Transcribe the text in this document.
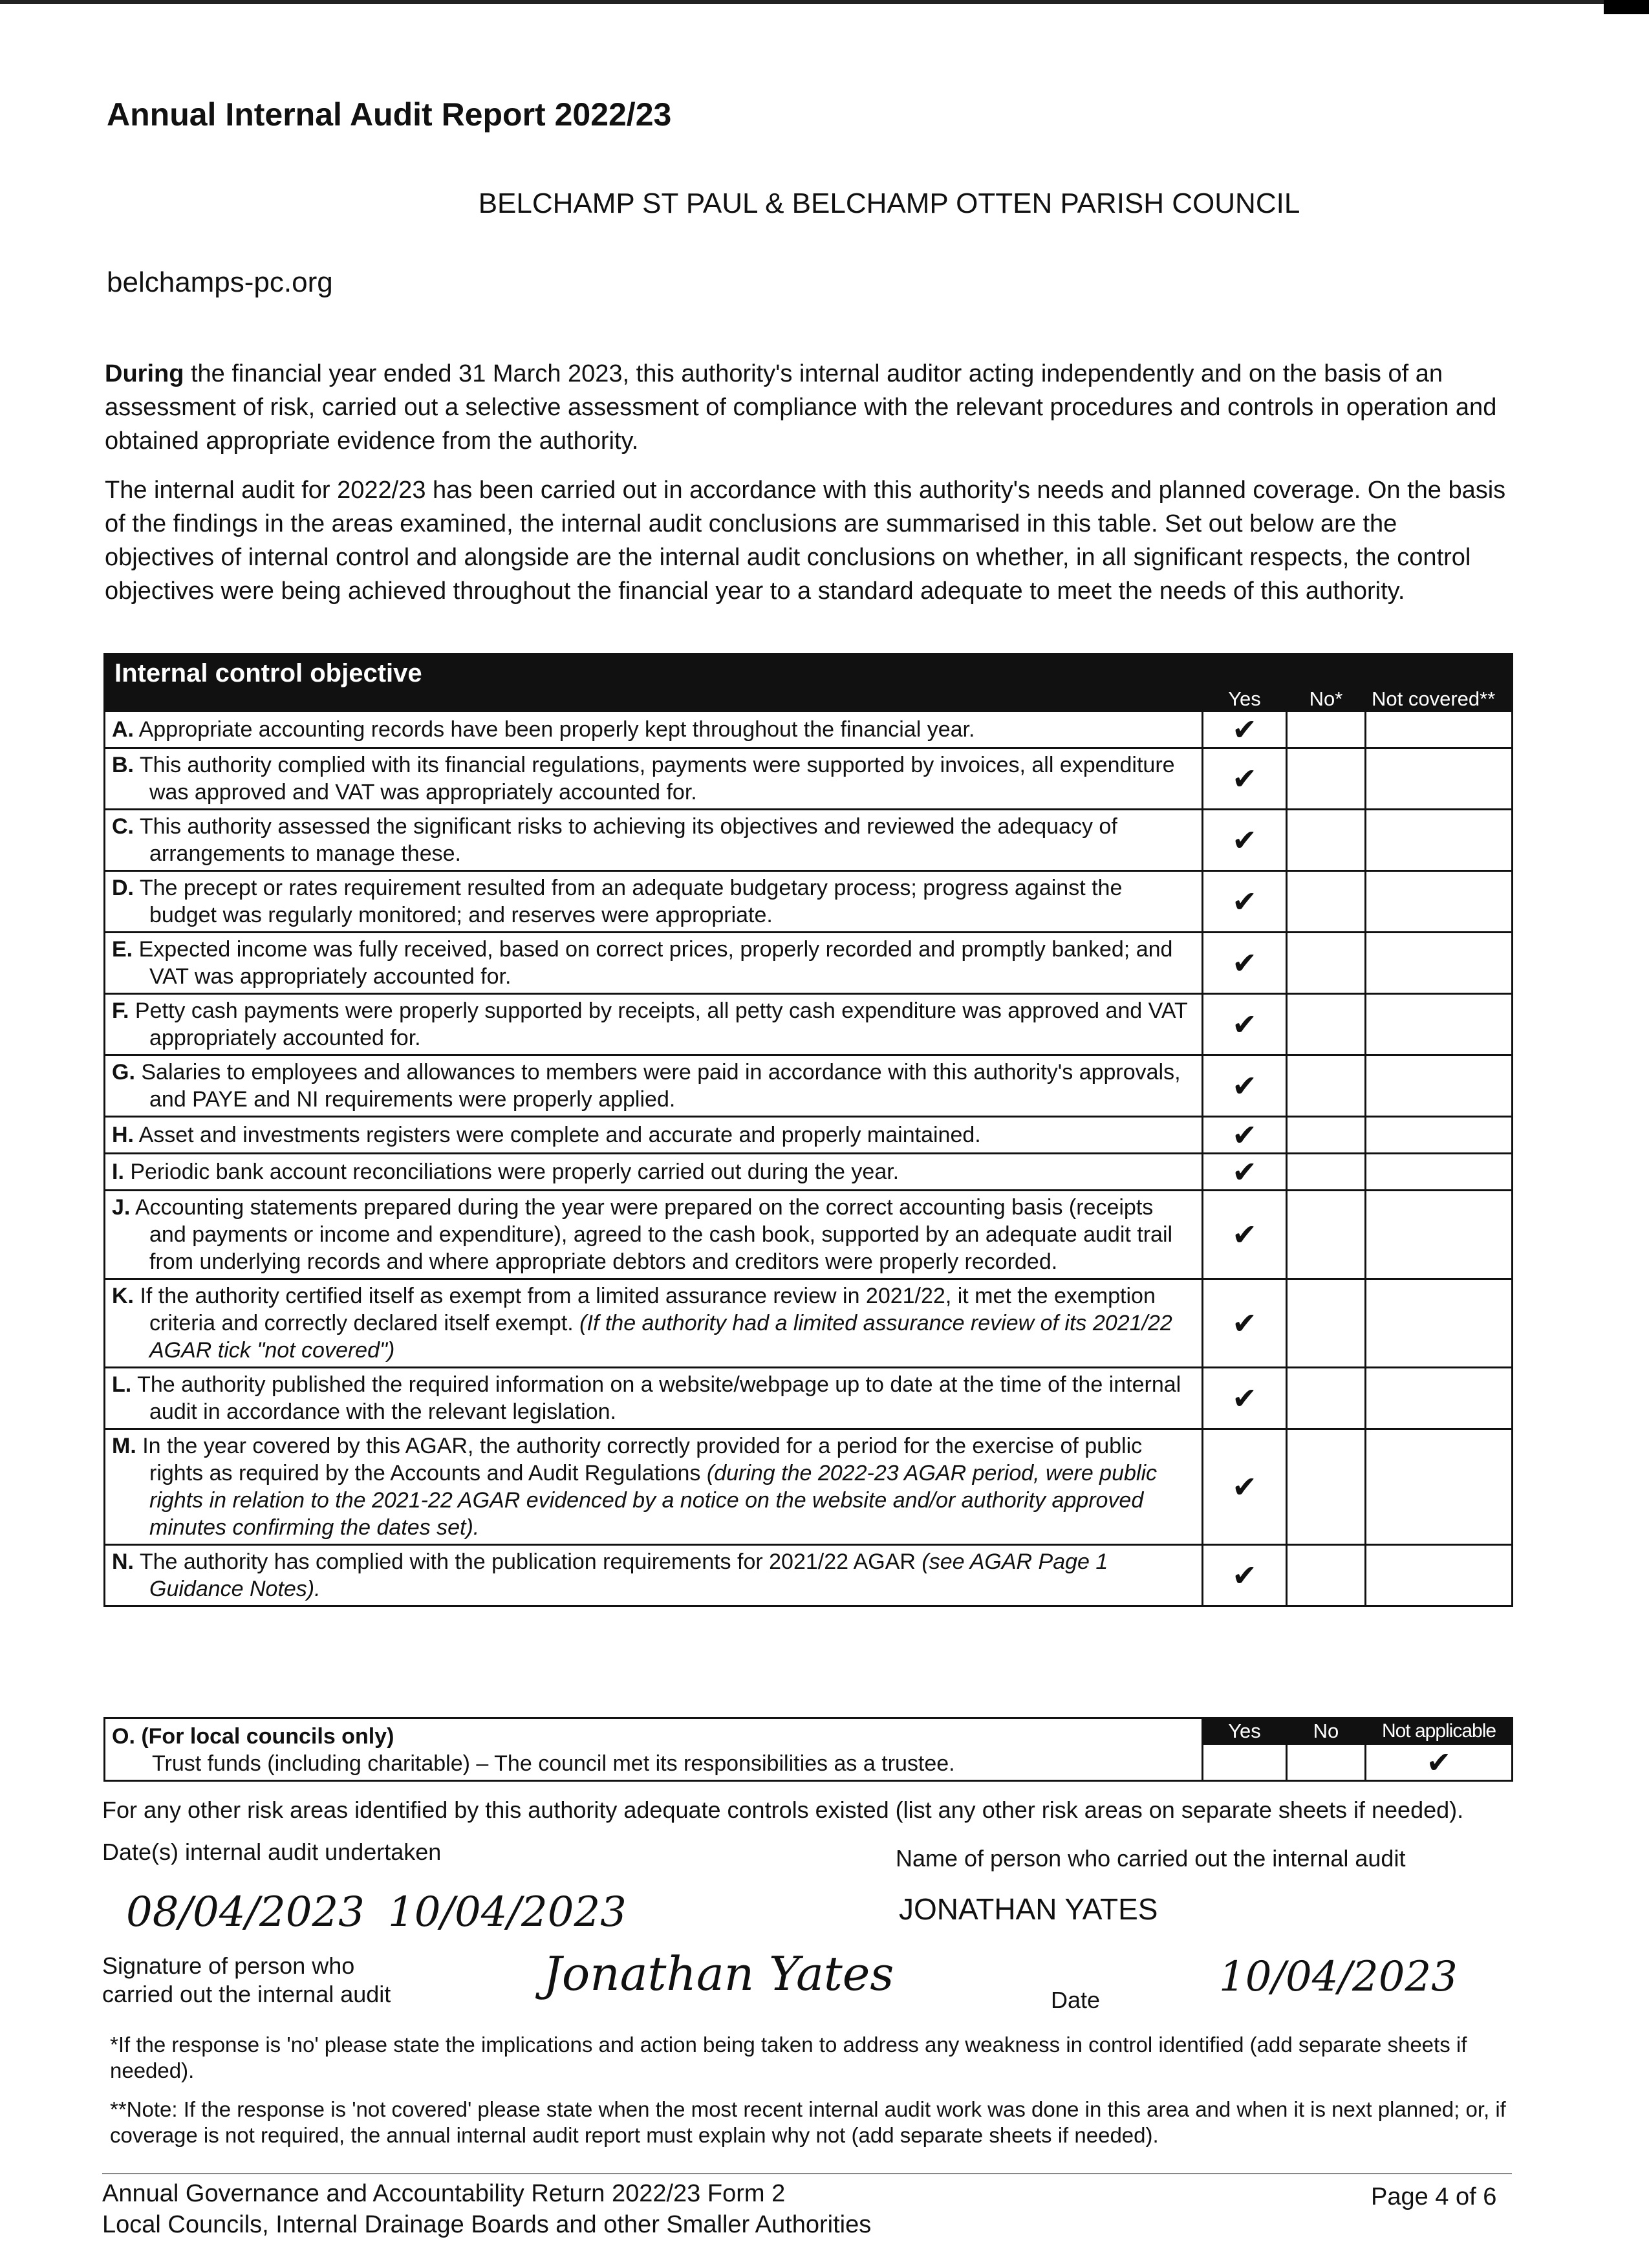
Annual Internal Audit Report 2022/23
BELCHAMP ST PAUL & BELCHAMP OTTEN PARISH COUNCIL
belchamps-pc.org
During the financial year ended 31 March 2023, this authority's internal auditor acting independently and on the basis of an assessment of risk, carried out a selective assessment of compliance with the relevant procedures and controls in operation and obtained appropriate evidence from the authority.
The internal audit for 2022/23 has been carried out in accordance with this authority's needs and planned coverage. On the basis of the findings in the areas examined, the internal audit conclusions are summarised in this table. Set out below are the objectives of internal control and alongside are the internal audit conclusions on whether, in all significant respects, the control objectives were being achieved throughout the financial year to a standard adequate to meet the needs of this authority.
Internal control objective	Yes	No*	Not covered**

A. Appropriate accounting records have been properly kept throughout the financial year.	✔		

B. This authority complied with its financial regulations, payments were supported by invoices, all expenditure was approved and VAT was appropriately accounted for.	✔		

C. This authority assessed the significant risks to achieving its objectives and reviewed the adequacy of arrangements to manage these.	✔		

D. The precept or rates requirement resulted from an adequate budgetary process; progress against the budget was regularly monitored; and reserves were appropriate.	✔		

E. Expected income was fully received, based on correct prices, properly recorded and promptly banked; and VAT was appropriately accounted for.	✔		

F. Petty cash payments were properly supported by receipts, all petty cash expenditure was approved and VAT appropriately accounted for.	✔		

G. Salaries to employees and allowances to members were paid in accordance with this authority's approvals, and PAYE and NI requirements were properly applied.	✔		

H. Asset and investments registers were complete and accurate and properly maintained.	✔		

I. Periodic bank account reconciliations were properly carried out during the year.	✔		

J. Accounting statements prepared during the year were prepared on the correct accounting basis (receipts and payments or income and expenditure), agreed to the cash book, supported by an adequate audit trail from underlying records and where appropriate debtors and creditors were properly recorded.	✔		

K. If the authority certified itself as exempt from a limited assurance review in 2021/22, it met the exemption criteria and correctly declared itself exempt. (If the authority had a limited assurance review of its 2021/22 AGAR tick "not covered")	✔		

L. The authority published the required information on a website/webpage up to date at the time of the internal audit in accordance with the relevant legislation.	✔		

M. In the year covered by this AGAR, the authority correctly provided for a period for the exercise of public rights as required by the Accounts and Audit Regulations (during the 2022-23 AGAR period, were public rights in relation to the 2021-22 AGAR evidenced by a notice on the website and/or authority approved minutes confirming the dates set).	✔		

N. The authority has complied with the publication requirements for 2021/22 AGAR (see AGAR Page 1 Guidance Notes).	✔		
O. (For local councils only)
Trust funds (including charitable) – The council met its responsibilities as a trustee.	Yes	No	Not applicable
			✔
For any other risk areas identified by this authority adequate controls existed (list any other risk areas on separate sheets if needed).
Date(s) internal audit undertaken	Name of person who carried out the internal audit
08/04/2023 10/04/2023	JONATHAN YATES
Signature of person who
carried out the internal audit	Jonathan Yates	Date	10/04/2023
*If the response is 'no' please state the implications and action being taken to address any weakness in control identified (add separate sheets if needed).
**Note: If the response is 'not covered' please state when the most recent internal audit work was done in this area and when it is next planned; or, if coverage is not required, the annual internal audit report must explain why not (add separate sheets if needed).
Annual Governance and Accountability Return 2022/23 Form 2
Local Councils, Internal Drainage Boards and other Smaller Authorities
Page 4 of 6
